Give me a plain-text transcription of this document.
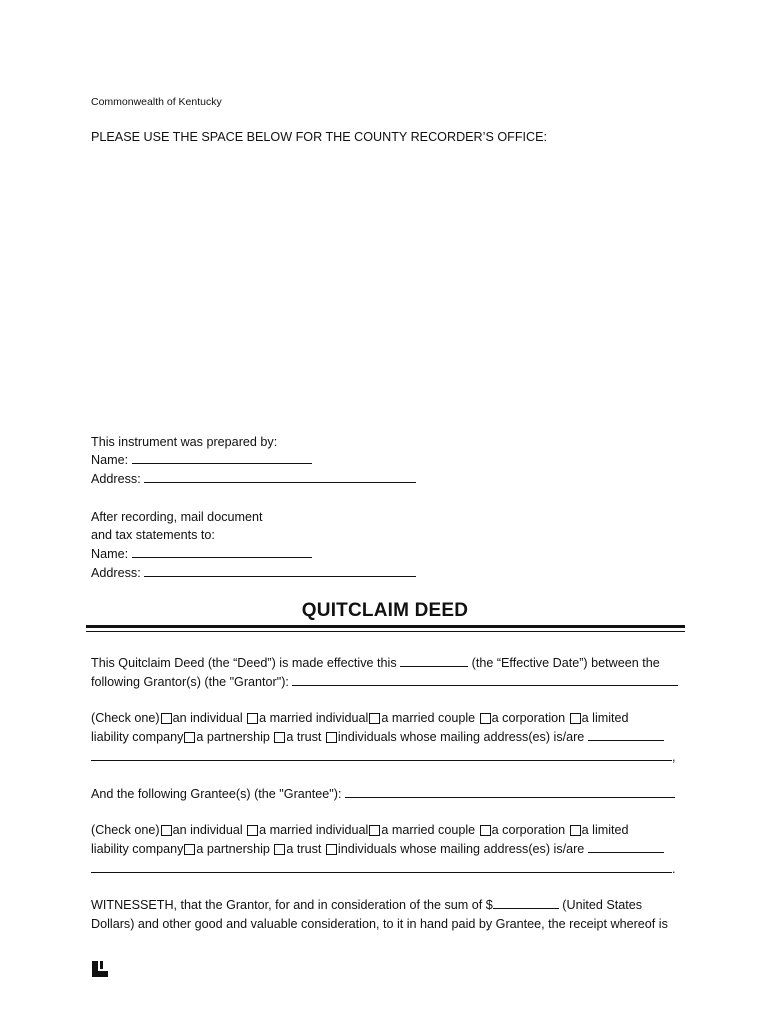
Commonwealth of Kentucky
PLEASE USE THE SPACE BELOW FOR THE COUNTY RECORDER’S OFFICE:
This instrument was prepared by:
Name:
Address:
After recording, mail document
and tax statements to:
Name:
Address:
QUITCLAIM DEED
This Quitclaim Deed (the “Deed”) is made effective this	(the “Effective Date”) between the
following Grantor(s) (the "Grantor"):
(Check one) an individual a married individual a married couple a corporation a limited
liability company a partnership a trust individuals whose mailing address(es) is/are
,
And the following Grantee(s) (the "Grantee"):
(Check one) an individual a married individual a married couple a corporation a limited
liability company a partnership a trust individuals whose mailing address(es) is/are
.
WITNESSETH, that the Grantor, for and in consideration of the sum of $	(United States
Dollars) and other good and valuable consideration, to it in hand paid by Grantee, the receipt whereof is
